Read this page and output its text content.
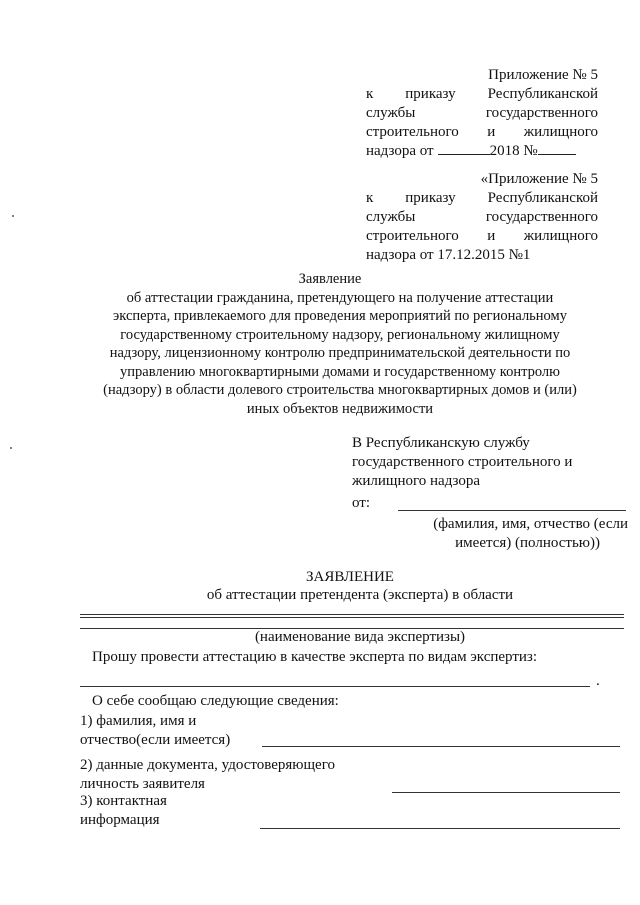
Приложение № 5
к приказу Республиканской
службы	государственного
строительного и жилищного
надзора от	2018 №
«Приложение № 5
к приказу Республиканской
службы	государственного
строительного и жилищного
надзора от 17.12.2015 №1
Заявление
об аттестации гражданина, претендующего на получение аттестации
эксперта, привлекаемого для проведения мероприятий по региональному
государственному строительному надзору, региональному жилищному
надзору, лицензионному контролю предпринимательской деятельности по
управлению многоквартирными домами и государственному контролю
(надзору) в области долевого строительства многоквартирных домов и (или)
иных объектов недвижимости
В Республиканскую службу
государственного строительного и
жилищного надзора
от:
(фамилия, имя, отчество (если
имеется) (полностью))
ЗАЯВЛЕНИЕ
об аттестации претендента (эксперта) в области
(наименование вида экспертизы)
Прошу провести аттестацию в качестве эксперта по видам экспертиз:
.
О себе сообщаю следующие сведения:
1) фамилия, имя и
отчество(если имеется)
2) данные документа, удостоверяющего
личность заявителя
3) контактная
информация
